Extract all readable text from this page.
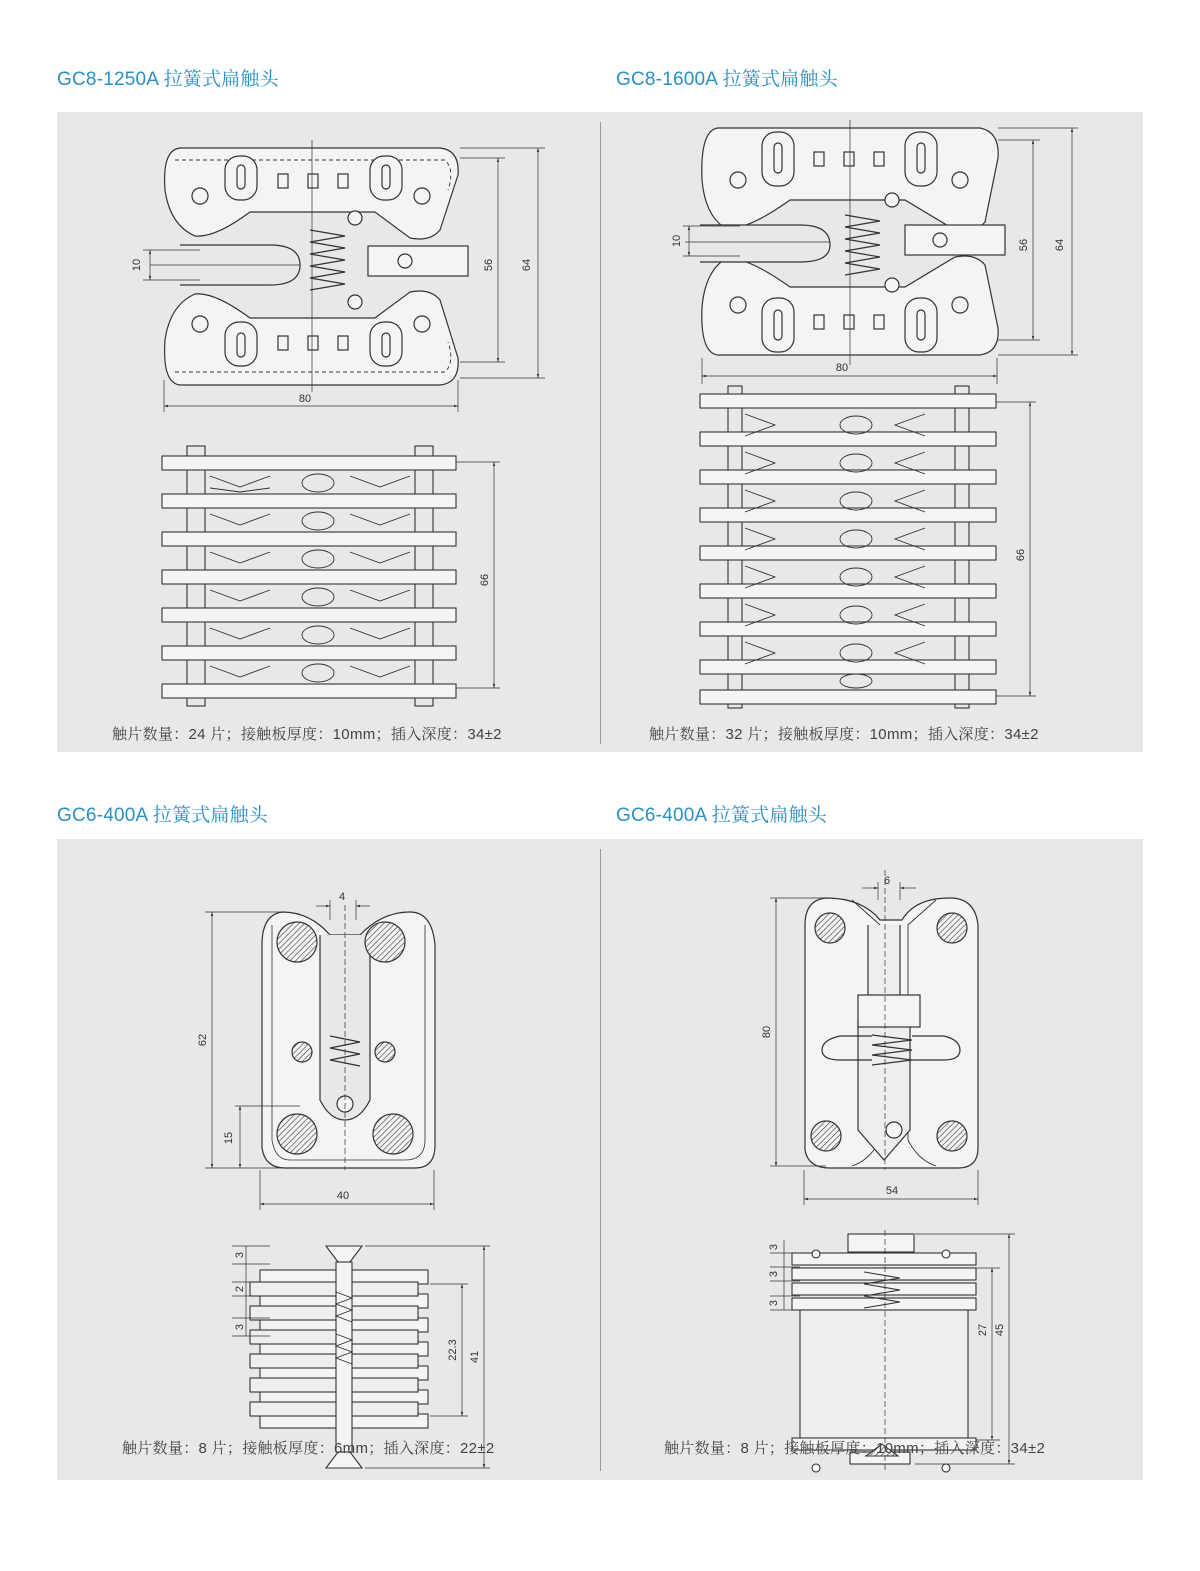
GC8-1250A 拉簧式扁触头	GC8-1600A 拉簧式扁触头
GC6-400A 拉簧式扁触头	GC6-400A 拉簧式扁触头
10	56 64
80
66
10	56 64
80
66
4
62
15
40
3
2
3
22.3 41
6
80
54
3
3
3
27 45
触片数量：24 片；接触板厚度：10mm；插入深度：34±2	触片数量：32 片；接触板厚度：10mm；插入深度：34±2
触片数量：8 片；接触板厚度：6mm；插入深度：22±2	触片数量：8 片；接触板厚度：10mm；插入深度：34±2
